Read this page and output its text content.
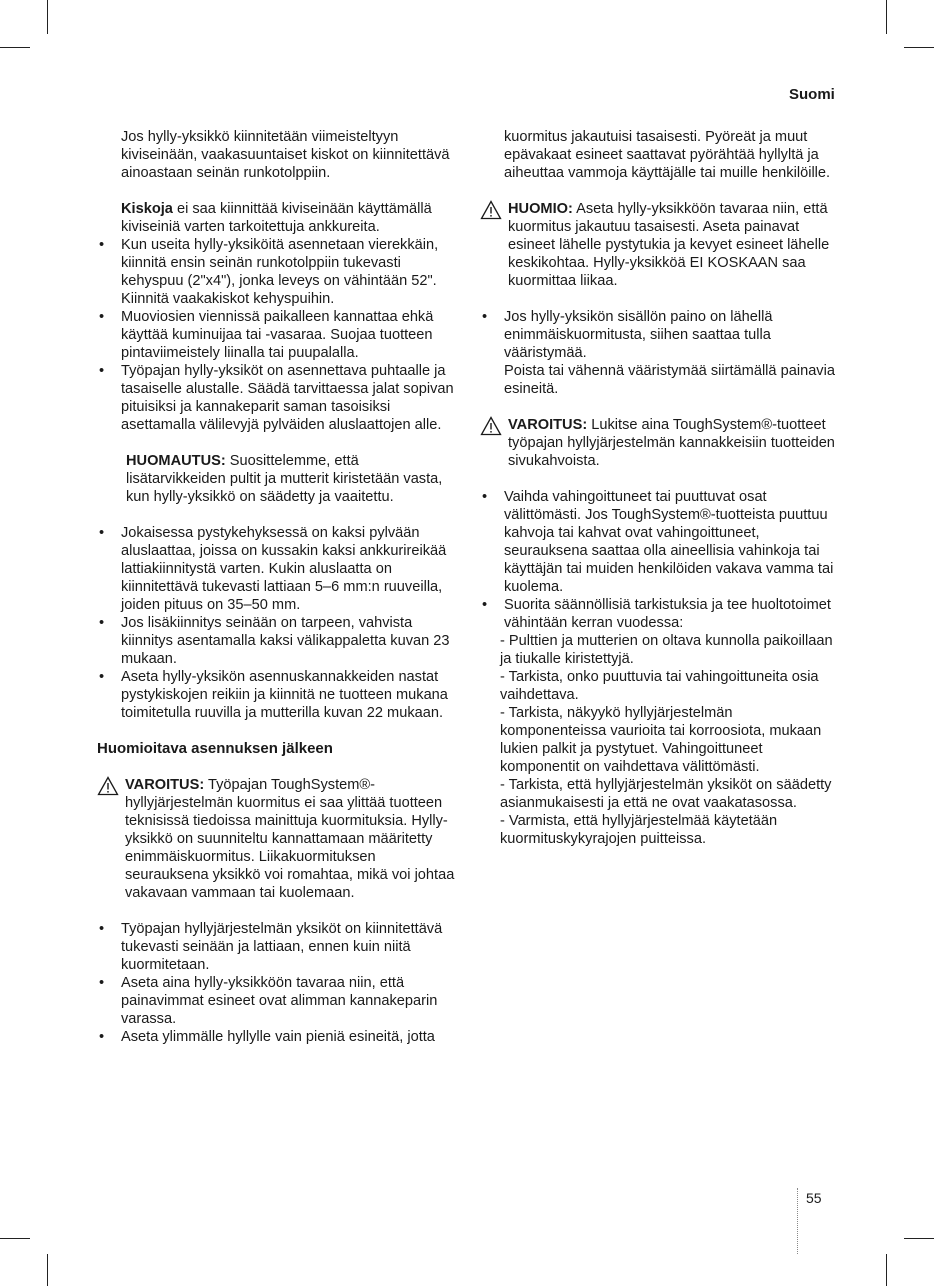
Suomi

Jos hylly-yksikkö kiinnitetään viimeisteltyyn kiviseinään, vaakasuuntaiset kiskot on kiinnitettävä ainoastaan seinän runkotolppiin.

Kiskoja ei saa kiinnittää kiviseinään käyttämällä kiviseiniä varten tarkoitettuja ankkureita.

• Kun useita hylly-yksiköitä asennetaan vierekkäin, kiinnitä ensin seinän runkotolppiin tukevasti kehyspuu (2"x4"), jonka leveys on vähintään 52". Kiinnitä vaakakiskot kehyspuihin.

• Muoviosien viennissä paikalleen kannattaa ehkä käyttää kuminuijaa tai -vasaraa. Suojaa tuotteen pintaviimeistely liinalla tai puupalalla.

• Työpajan hylly-yksiköt on asennettava puhtaalle ja tasaiselle alustalle. Säädä tarvittaessa jalat sopivan pituisiksi ja kannakeparit saman tasoisiksi asettamalla välilevyjä pylväiden aluslaattojen alle.

HUOMAUTUS: Suosittelemme, että lisätarvikkeiden pultit ja mutterit kiristetään vasta, kun hylly-yksikkö on säädetty ja vaaitettu.

• Jokaisessa pystykehyksessä on kaksi pylvään aluslaattaa, joissa on kussakin kaksi ankkurireikää lattiakiinnitystä varten. Kukin aluslaatta on kiinnitettävä tukevasti lattiaan 5–6 mm:n ruuveilla, joiden pituus on 35–50 mm.

• Jos lisäkiinnitys seinään on tarpeen, vahvista kiinnitys asentamalla kaksi välikappaletta kuvan 23 mukaan.

• Aseta hylly-yksikön asennuskannakkeiden nastat pystykiskojen reikiin ja kiinnitä ne tuotteen mukana toimitetulla ruuvilla ja mutterilla kuvan 22 mukaan.

Huomioitava asennuksen jälkeen

VAROITUS: Työpajan ToughSystem®-hyllyjärjestelmän kuormitus ei saa ylittää tuotteen teknisissä tiedoissa mainittuja kuormituksia. Hylly-yksikkö on suunniteltu kannattamaan määritetty enimmäiskuormitus. Liikakuormituksen seurauksena yksikkö voi romahtaa, mikä voi johtaa vakavaan vammaan tai kuolemaan.

• Työpajan hyllyjärjestelmän yksiköt on kiinnitettävä tukevasti seinään ja lattiaan, ennen kuin niitä kuormitetaan.

• Aseta aina hylly-yksikköön tavaraa niin, että painavimmat esineet ovat alimman kannakeparin varassa.

• Aseta ylimmälle hyllylle vain pieniä esineitä, jotta

kuormitus jakautuisi tasaisesti. Pyöreät ja muut epävakaat esineet saattavat pyörähtää hyllyltä ja aiheuttaa vammoja käyttäjälle tai muille henkilöille.

HUOMIO: Aseta hylly-yksikköön tavaraa niin, että kuormitus jakautuu tasaisesti. Aseta painavat esineet lähelle pystytukia ja kevyet esineet lähelle keskikohtaa. Hylly-yksikköä EI KOSKAAN saa kuormittaa liikaa.

• Jos hylly-yksikön sisällön paino on lähellä enimmäiskuormitusta, siihen saattaa tulla vääristymää.

Poista tai vähennä vääristymää siirtämällä painavia esineitä.

VAROITUS: Lukitse aina ToughSystem®-tuotteet työpajan hyllyjärjestelmän kannakkeisiin tuotteiden sivukahvoista.

• Vaihda vahingoittuneet tai puuttuvat osat välittömästi. Jos ToughSystem®-tuotteista puuttuu kahvoja tai kahvat ovat vahingoittuneet, seurauksena saattaa olla aineellisia vahinkoja tai käyttäjän tai muiden henkilöiden vakava vamma tai kuolema.

• Suorita säännöllisiä tarkistuksia ja tee huoltotoimet vähintään kerran vuodessa:

- Pulttien ja mutterien on oltava kunnolla paikoillaan ja tiukalle kiristettyjä.

- Tarkista, onko puuttuvia tai vahingoittuneita osia vaihdettava.

- Tarkista, näkyykö hyllyjärjestelmän komponenteissa vaurioita tai korroosiota, mukaan lukien palkit ja pystytuet. Vahingoittuneet komponentit on vaihdettava välittömästi.

- Tarkista, että hyllyjärjestelmän yksiköt on säädetty asianmukaisesti ja että ne ovat vaakatasossa.

- Varmista, että hyllyjärjestelmää käytetään kuormituskykyrajojen puitteissa.

55
